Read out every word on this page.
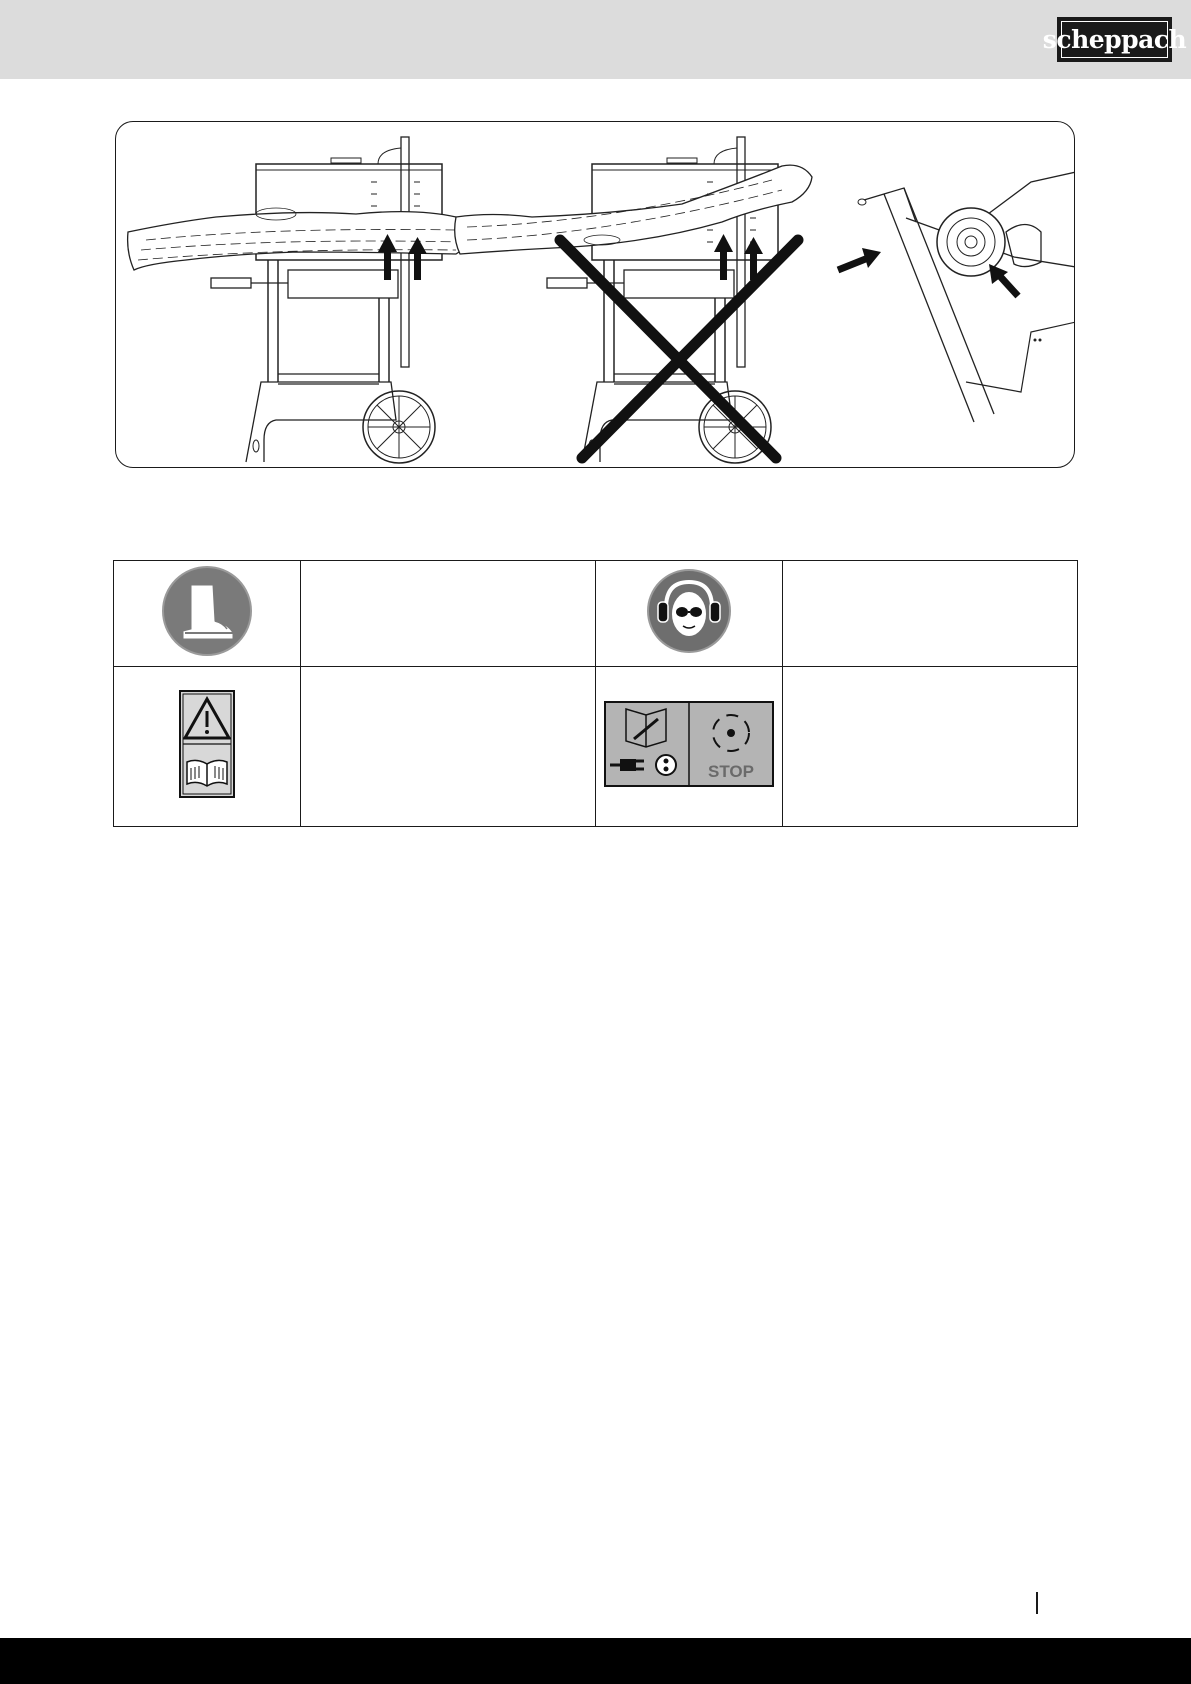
scheppach

STOP	
